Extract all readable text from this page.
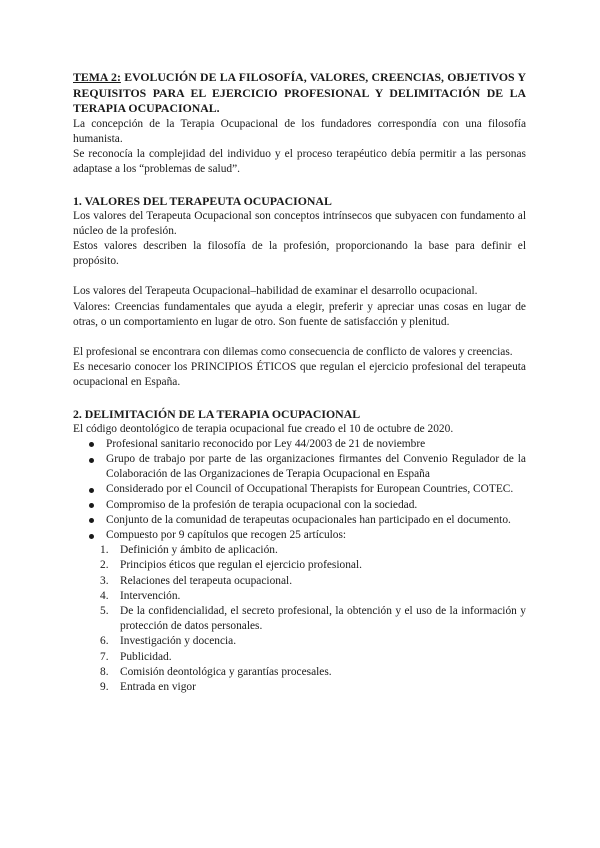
TEMA 2: EVOLUCIÓN DE LA FILOSOFÍA, VALORES, CREENCIAS, OBJETIVOS Y REQUISITOS PARA EL EJERCICIO PROFESIONAL Y DELIMITACIÓN DE LA TERAPIA OCUPACIONAL.

La concepción de la Terapia Ocupacional de los fundadores correspondía con una filosofía humanista.

Se reconocía la complejidad del individuo y el proceso terapéutico debía permitir a las personas adaptase a los “problemas de salud”.

1. VALORES DEL TERAPEUTA OCUPACIONAL

Los valores del Terapeuta Ocupacional son conceptos intrínsecos que subyacen con fundamento al núcleo de la profesión.

Estos valores describen la filosofía de la profesión, proporcionando la base para definir el propósito.

Los valores del Terapeuta Ocupacional–habilidad de examinar el desarrollo ocupacional.

Valores: Creencias fundamentales que ayuda a elegir, preferir y apreciar unas cosas en lugar de otras, o un comportamiento en lugar de otro. Son fuente de satisfacción y plenitud.

El profesional se encontrara con dilemas como consecuencia de conflicto de valores y creencias.

Es necesario conocer los PRINCIPIOS ÉTICOS que regulan el ejercicio profesional del terapeuta ocupacional en España.

2. DELIMITACIÓN DE LA TERAPIA OCUPACIONAL

El código deontológico de terapia ocupacional fue creado el 10 de octubre de 2020.

Profesional sanitario reconocido por Ley 44/2003 de 21 de noviembre
Grupo de trabajo por parte de las organizaciones firmantes del Convenio Regulador de la Colaboración de las Organizaciones de Terapia Ocupacional en España
Considerado por el Council of Occupational Therapists for European Countries, COTEC.
Compromiso de la profesión de terapia ocupacional con la sociedad.
Conjunto de la comunidad de terapeutas ocupacionales han participado en el documento.
Compuesto por 9 capítulos que recogen 25 artículos:
1. Definición y ámbito de aplicación.
2. Principios éticos que regulan el ejercicio profesional.
3. Relaciones del terapeuta ocupacional.
4. Intervención.
5. De la confidencialidad, el secreto profesional, la obtención y el uso de la información y protección de datos personales.
6. Investigación y docencia.
7. Publicidad.
8. Comisión deontológica y garantías procesales.
9. Entrada en vigor
